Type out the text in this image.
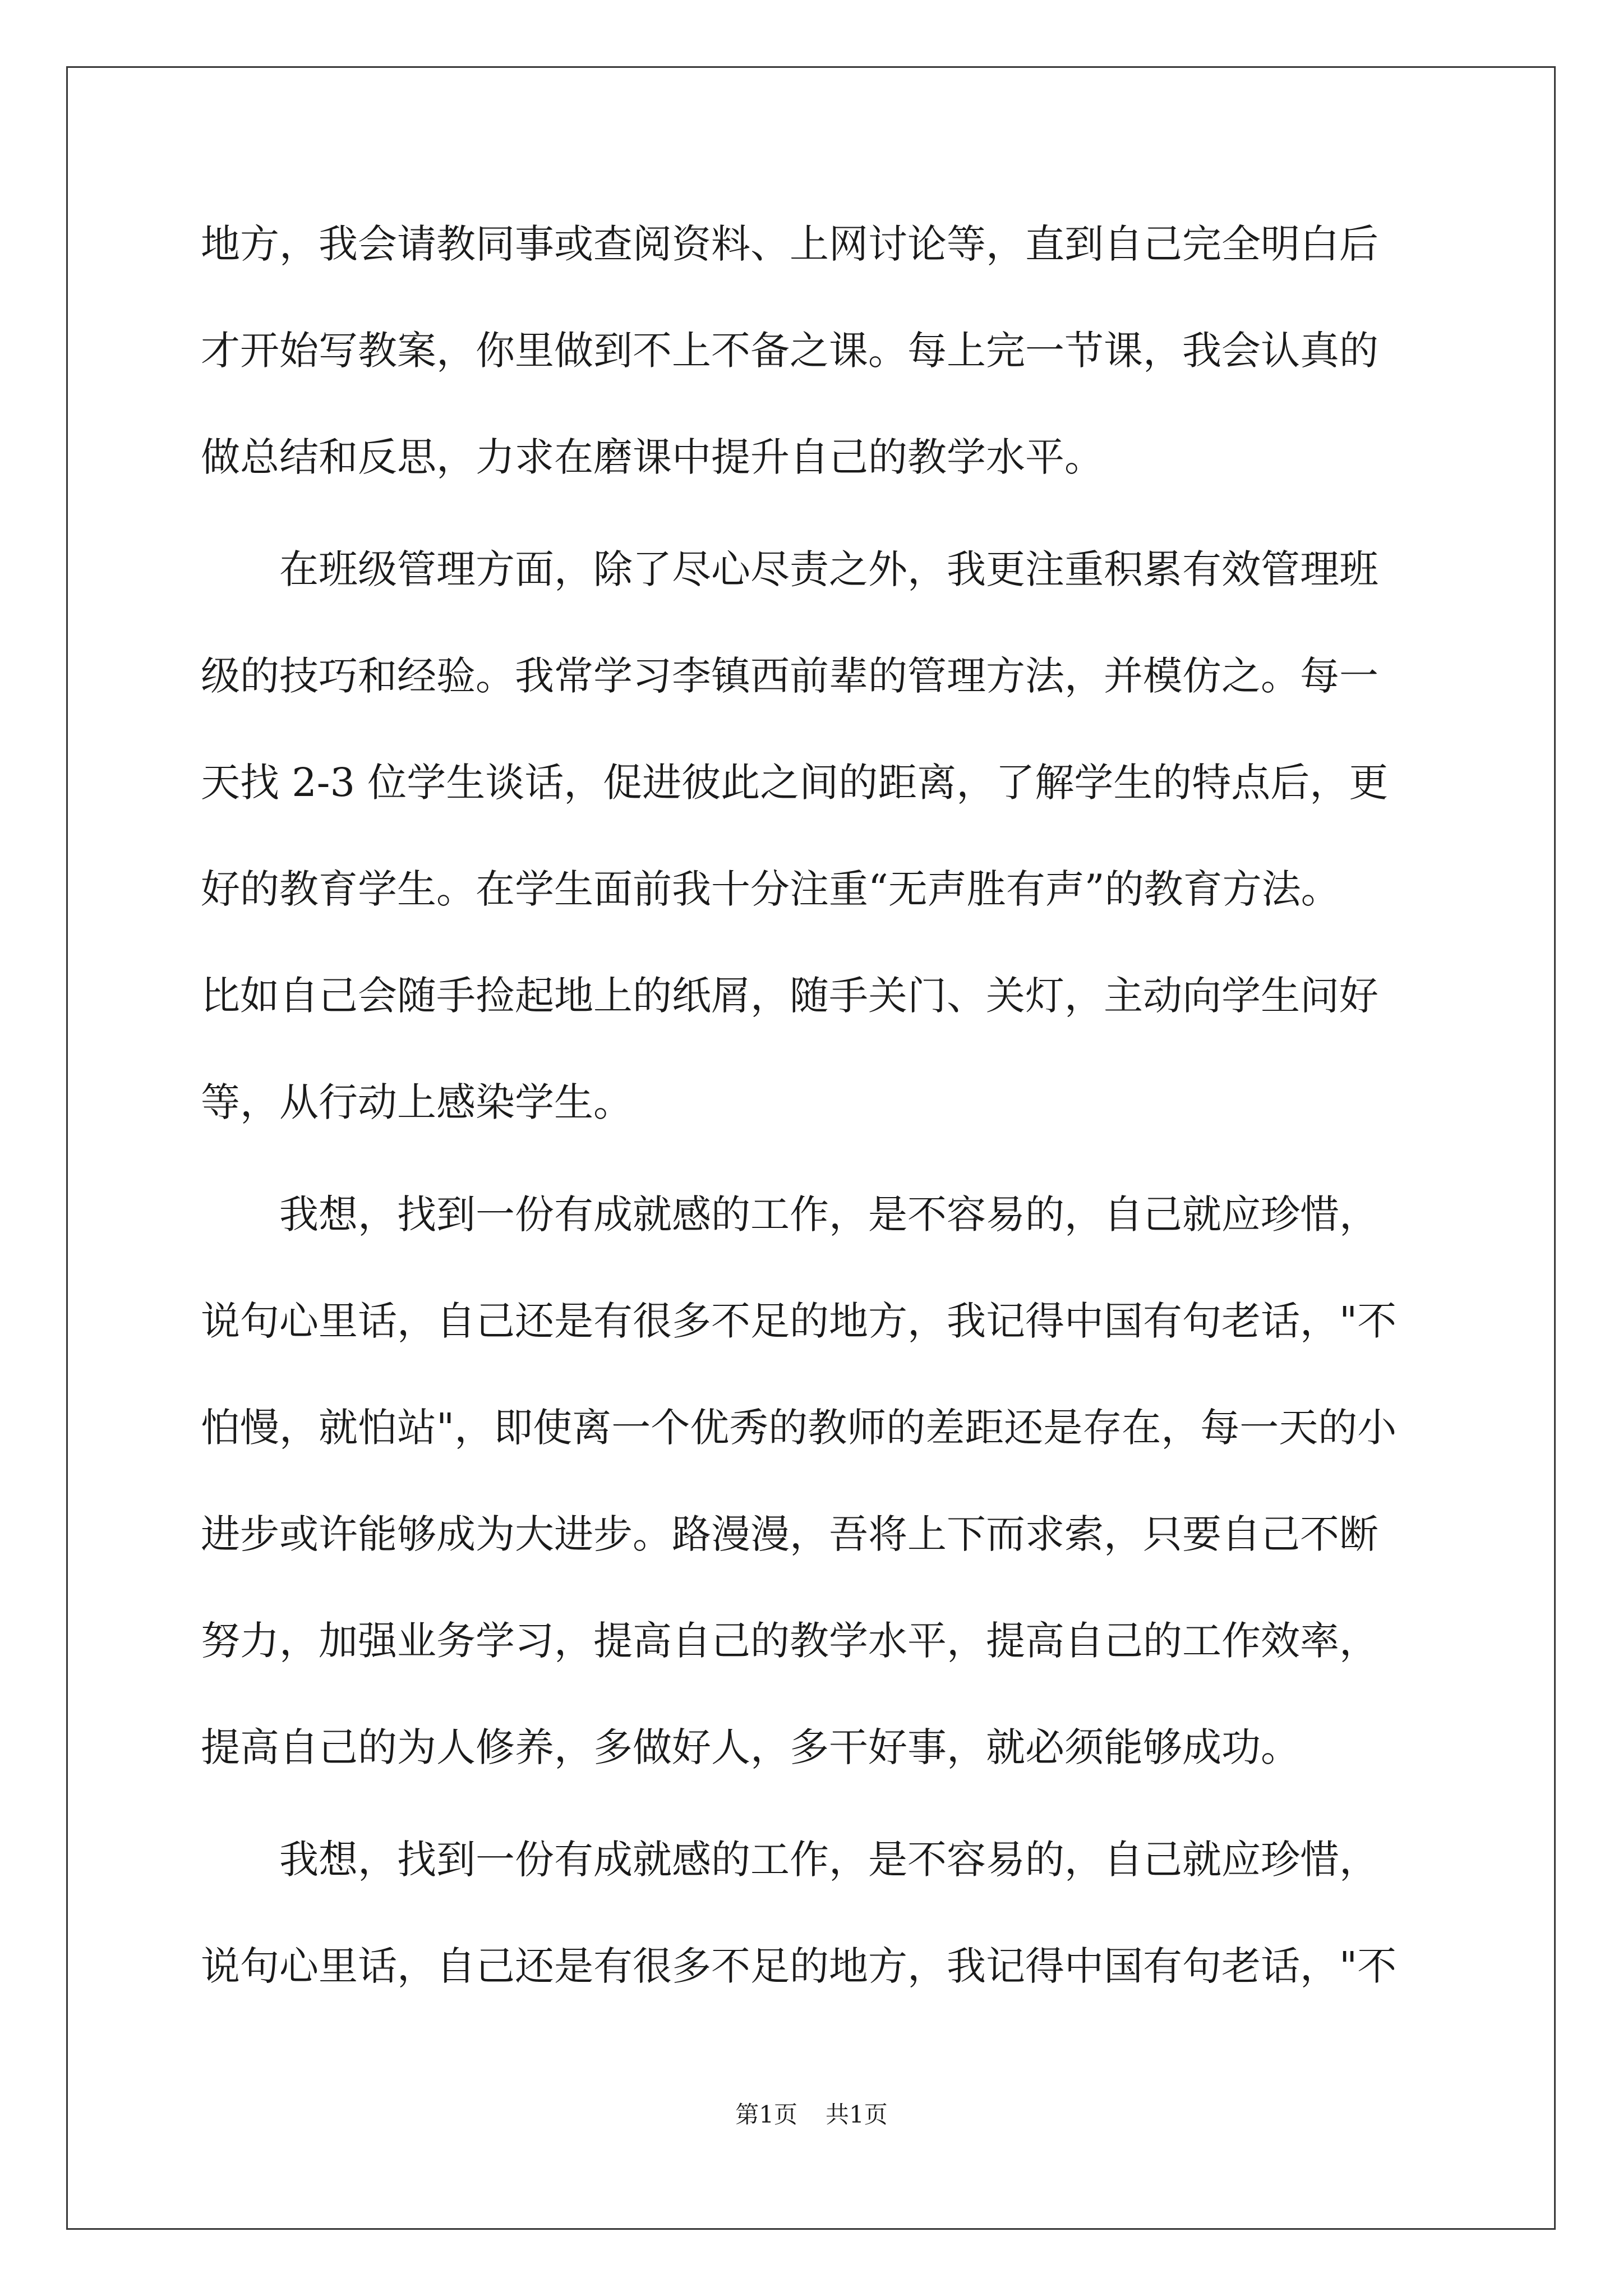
地方，我会请教同事或查阅资料、上网讨论等，直到自己完全明白后
才开始写教案，你里做到不上不备之课。每上完一节课，我会认真的
做总结和反思，力求在磨课中提升自己的教学水平。
在班级管理方面，除了尽心尽责之外，我更注重积累有效管理班
级的技巧和经验。我常学习李镇西前辈的管理方法，并模仿之。每一
天找 2-3 位学生谈话，促进彼此之间的距离，了解学生的特点后，更
好的教育学生。在学生面前我十分注重“无声胜有声”的教育方法。
比如自己会随手捡起地上的纸屑，随手关门、关灯，主动向学生问好
等，从行动上感染学生。
我想，找到一份有成就感的工作，是不容易的，自己就应珍惜，
说句心里话，自己还是有很多不足的地方，我记得中国有句老话，"不
怕慢，就怕站"，即使离一个优秀的教师的差距还是存在，每一天的小
进步或许能够成为大进步。路漫漫，吾将上下而求索，只要自己不断
努力，加强业务学习，提高自己的教学水平，提高自己的工作效率，
提高自己的为人修养，多做好人，多干好事，就必须能够成功。
我想，找到一份有成就感的工作，是不容易的，自己就应珍惜，
说句心里话，自己还是有很多不足的地方，我记得中国有句老话，"不
第1页 共1页
